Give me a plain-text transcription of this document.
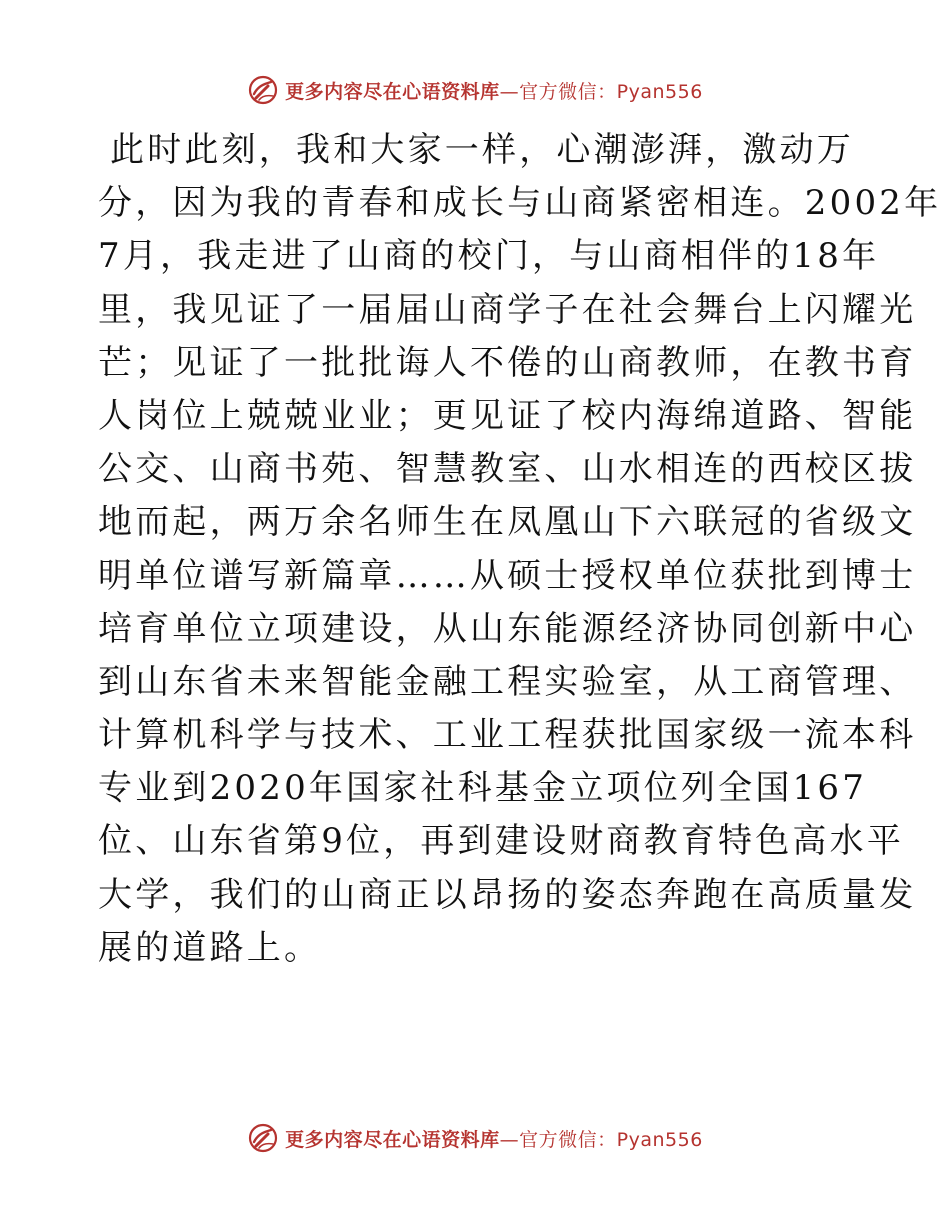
更多内容尽在心语资料库—官方微信：Pyan556
此时此刻，我和大家一样，心潮澎湃，激动万
分，因为我的青春和成长与山商紧密相连。2002年
7月，我走进了山商的校门，与山商相伴的18年
里，我见证了一届届山商学子在社会舞台上闪耀光
芒；见证了一批批诲人不倦的山商教师，在教书育
人岗位上兢兢业业；更见证了校内海绵道路、智能
公交、山商书苑、智慧教室、山水相连的西校区拔
地而起，两万余名师生在凤凰山下六联冠的省级文
明单位谱写新篇章……从硕士授权单位获批到博士
培育单位立项建设，从山东能源经济协同创新中心
到山东省未来智能金融工程实验室，从工商管理、
计算机科学与技术、工业工程获批国家级一流本科
专业到2020年国家社科基金立项位列全国167
位、山东省第9位，再到建设财商教育特色高水平
大学，我们的山商正以昂扬的姿态奔跑在高质量发
展的道路上。
更多内容尽在心语资料库—官方微信：Pyan556
